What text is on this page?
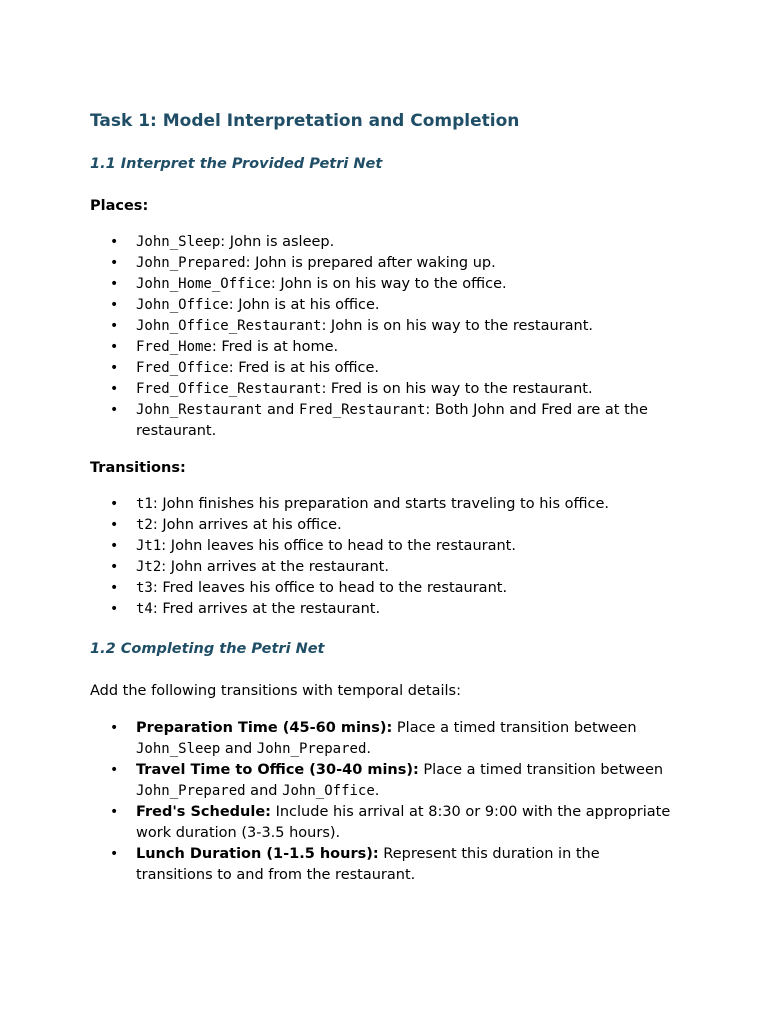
Task 1: Model Interpretation and Completion
1.1 Interpret the Provided Petri Net

Places:

• John_Sleep: John is asleep.
• John_Prepared: John is prepared after waking up.
• John_Home_Office: John is on his way to the office.
• John_Office: John is at his office.
• John_Office_Restaurant: John is on his way to the restaurant.
• Fred_Home: Fred is at home.
• Fred_Office: Fred is at his office.
• Fred_Office_Restaurant: Fred is on his way to the restaurant.
• John_Restaurant and Fred_Restaurant: Both John and Fred are at the restaurant.

Transitions:

• t1: John finishes his preparation and starts traveling to his office.
• t2: John arrives at his office.
• Jt1: John leaves his office to head to the restaurant.
• Jt2: John arrives at the restaurant.
• t3: Fred leaves his office to head to the restaurant.
• t4: Fred arrives at the restaurant.
1.2 Completing the Petri Net

Add the following transitions with temporal details:

• Preparation Time (45-60 mins): Place a timed transition between John_Sleep and John_Prepared.
• Travel Time to Office (30-40 mins): Place a timed transition between John_Prepared and John_Office.
• Fred's Schedule: Include his arrival at 8:30 or 9:00 with the appropriate work duration (3-3.5 hours).
• Lunch Duration (1-1.5 hours): Represent this duration in the transitions to and from the restaurant.
